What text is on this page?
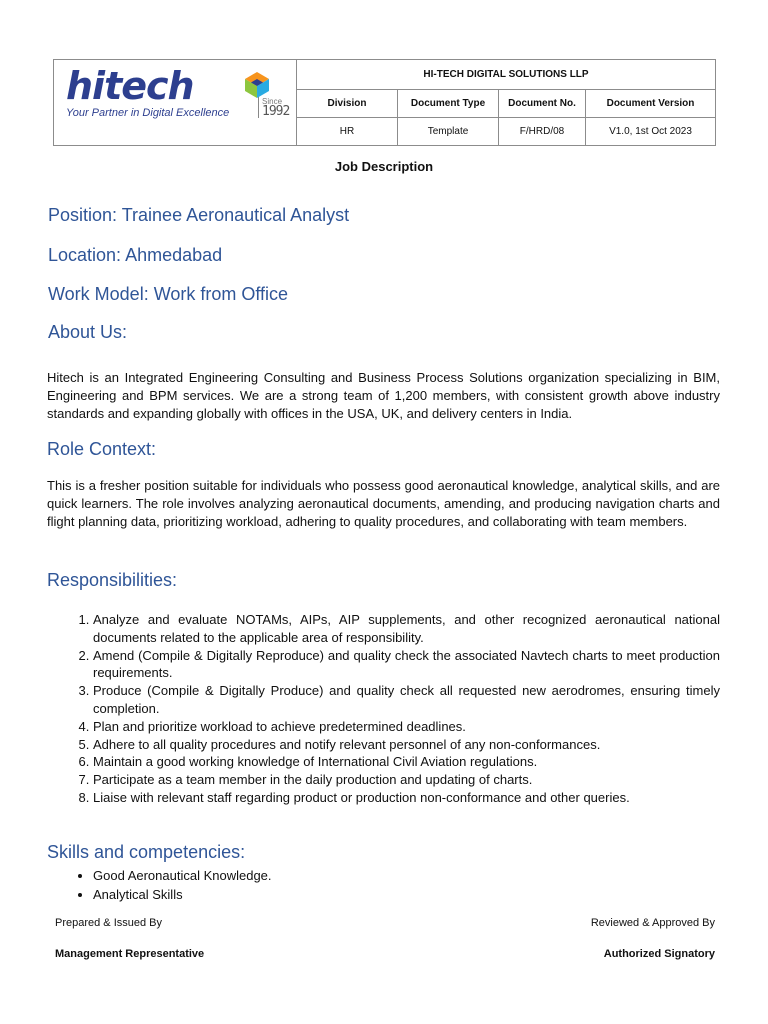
hitech
Your Partner in Digital Excellence
Since
1992	HI-TECH DIGITAL SOLUTIONS LLP			
	Division	Document Type	Document No.	Document Version
	HR	Template	F/HRD/08	V1.0, 1st Oct 2023
Job Description
Position: Trainee Aeronautical Analyst
Location: Ahmedabad
Work Model: Work from Office
About Us:
Hitech is an Integrated Engineering Consulting and Business Process Solutions organization specializing in BIM, Engineering and BPM services. We are a strong team of 1,200 members, with consistent growth above industry standards and expanding globally with offices in the USA, UK, and delivery centers in India.
Role Context:
This is a fresher position suitable for individuals who possess good aeronautical knowledge, analytical skills, and are quick learners. The role involves analyzing aeronautical documents, amending, and producing navigation charts and flight planning data, prioritizing workload, adhering to quality procedures, and collaborating with team members.
Responsibilities:
1. Analyze and evaluate NOTAMs, AIPs, AIP supplements, and other recognized aeronautical national documents related to the applicable area of responsibility.
2. Amend (Compile & Digitally Reproduce) and quality check the associated Navtech charts to meet production requirements.
3. Produce (Compile & Digitally Produce) and quality check all requested new aerodromes, ensuring timely completion.
4. Plan and prioritize workload to achieve predetermined deadlines.
5. Adhere to all quality procedures and notify relevant personnel of any non-conformances.
6. Maintain a good working knowledge of International Civil Aviation regulations.
7. Participate as a team member in the daily production and updating of charts.
8. Liaise with relevant staff regarding product or production non-conformance and other queries.
Skills and competencies:
• Good Aeronautical Knowledge.
• Analytical Skills
Prepared & Issued By	Reviewed & Approved By
Management Representative	Authorized Signatory
